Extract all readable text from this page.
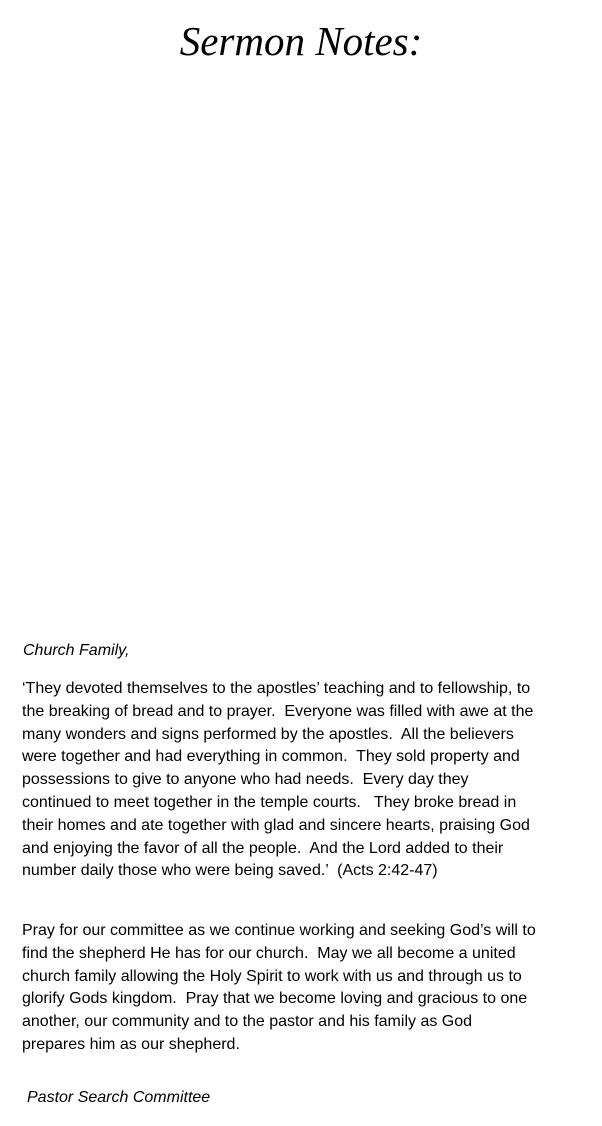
Sermon Notes:
Church Family,
‘They devoted themselves to the apostles’ teaching and to fellowship, to
the breaking of bread and to prayer.  Everyone was filled with awe at the
many wonders and signs performed by the apostles.  All the believers
were together and had everything in common.  They sold property and
possessions to give to anyone who had needs.  Every day they
continued to meet together in the temple courts.   They broke bread in
their homes and ate together with glad and sincere hearts, praising God
and enjoying the favor of all the people.  And the Lord added to their
number daily those who were being saved.’  (Acts 2:42-47)
Pray for our committee as we continue working and seeking God’s will to
find the shepherd He has for our church.  May we all become a united
church family allowing the Holy Spirit to work with us and through us to
glorify Gods kingdom.  Pray that we become loving and gracious to one
another, our community and to the pastor and his family as God
prepares him as our shepherd.
Pastor Search Committee
